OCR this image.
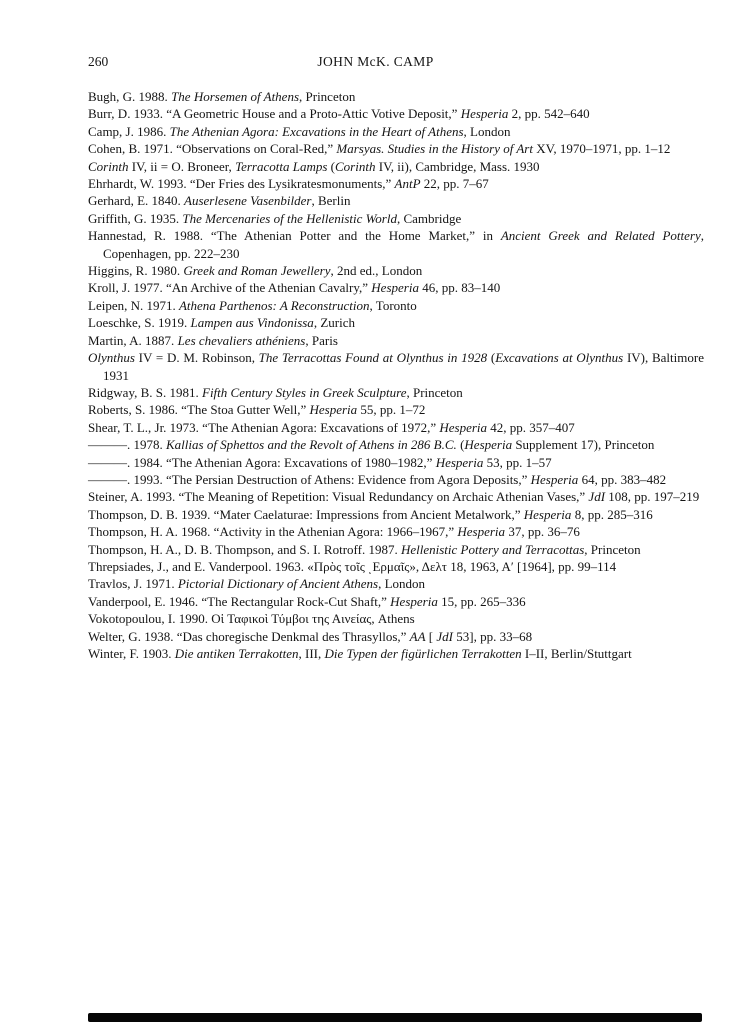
260	JOHN McK. CAMP
Bugh, G. 1988. The Horsemen of Athens, Princeton
Burr, D. 1933. “A Geometric House and a Proto-Attic Votive Deposit,” Hesperia 2, pp. 542–640
Camp, J. 1986. The Athenian Agora: Excavations in the Heart of Athens, London
Cohen, B. 1971. “Observations on Coral-Red,” Marsyas. Studies in the History of Art XV, 1970–1971, pp. 1–12
Corinth IV, ii = O. Broneer, Terracotta Lamps (Corinth IV, ii), Cambridge, Mass. 1930
Ehrhardt, W. 1993. “Der Fries des Lysikratesmonuments,” AntP 22, pp. 7–67
Gerhard, E. 1840. Auserlesene Vasenbilder, Berlin
Griffith, G. 1935. The Mercenaries of the Hellenistic World, Cambridge
Hannestad, R. 1988. “The Athenian Potter and the Home Market,” in Ancient Greek and Related Pottery, Copenhagen, pp. 222–230
Higgins, R. 1980. Greek and Roman Jewellery, 2nd ed., London
Kroll, J. 1977. “An Archive of the Athenian Cavalry,” Hesperia 46, pp. 83–140
Leipen, N. 1971. Athena Parthenos: A Reconstruction, Toronto
Loeschke, S. 1919. Lampen aus Vindonissa, Zurich
Martin, A. 1887. Les chevaliers athéniens, Paris
Olynthus IV = D. M. Robinson, The Terracottas Found at Olynthus in 1928 (Excavations at Olynthus IV), Baltimore 1931
Ridgway, B. S. 1981. Fifth Century Styles in Greek Sculpture, Princeton
Roberts, S. 1986. “The Stoa Gutter Well,” Hesperia 55, pp. 1–72
Shear, T. L., Jr. 1973. “The Athenian Agora: Excavations of 1972,” Hesperia 42, pp. 357–407
———. 1978. Kallias of Sphettos and the Revolt of Athens in 286 B.C. (Hesperia Supplement 17), Princeton
———. 1984. “The Athenian Agora: Excavations of 1980–1982,” Hesperia 53, pp. 1–57
———. 1993. “The Persian Destruction of Athens: Evidence from Agora Deposits,” Hesperia 64, pp. 383–482
Steiner, A. 1993. “The Meaning of Repetition: Visual Redundancy on Archaic Athenian Vases,” JdI 108, pp. 197–219
Thompson, D. B. 1939. “Mater Caelaturae: Impressions from Ancient Metalwork,” Hesperia 8, pp. 285–316
Thompson, H. A. 1968. “Activity in the Athenian Agora: 1966–1967,” Hesperia 37, pp. 36–76
Thompson, H. A., D. B. Thompson, and S. I. Rotroff. 1987. Hellenistic Pottery and Terracottas, Princeton
Threpsiades, J., and E. Vanderpool. 1963. «Πρὸς τοῖς ιΕρμαῖς», Δελτ 18, 1963, Α′ [1964], pp. 99–114
Travlos, J. 1971. Pictorial Dictionary of Ancient Athens, London
Vanderpool, E. 1946. “The Rectangular Rock-Cut Shaft,” Hesperia 15, pp. 265–336
Vokotopoulou, I. 1990. Οἱ Ταφικοὶ Τύμβοι της Αινείας, Athens
Welter, G. 1938. “Das choregische Denkmal des Thrasyllos,” AA [ JdI 53], pp. 33–68
Winter, F. 1903. Die antiken Terrakotten, III, Die Typen der figürlichen Terrakotten I–II, Berlin/Stuttgart
